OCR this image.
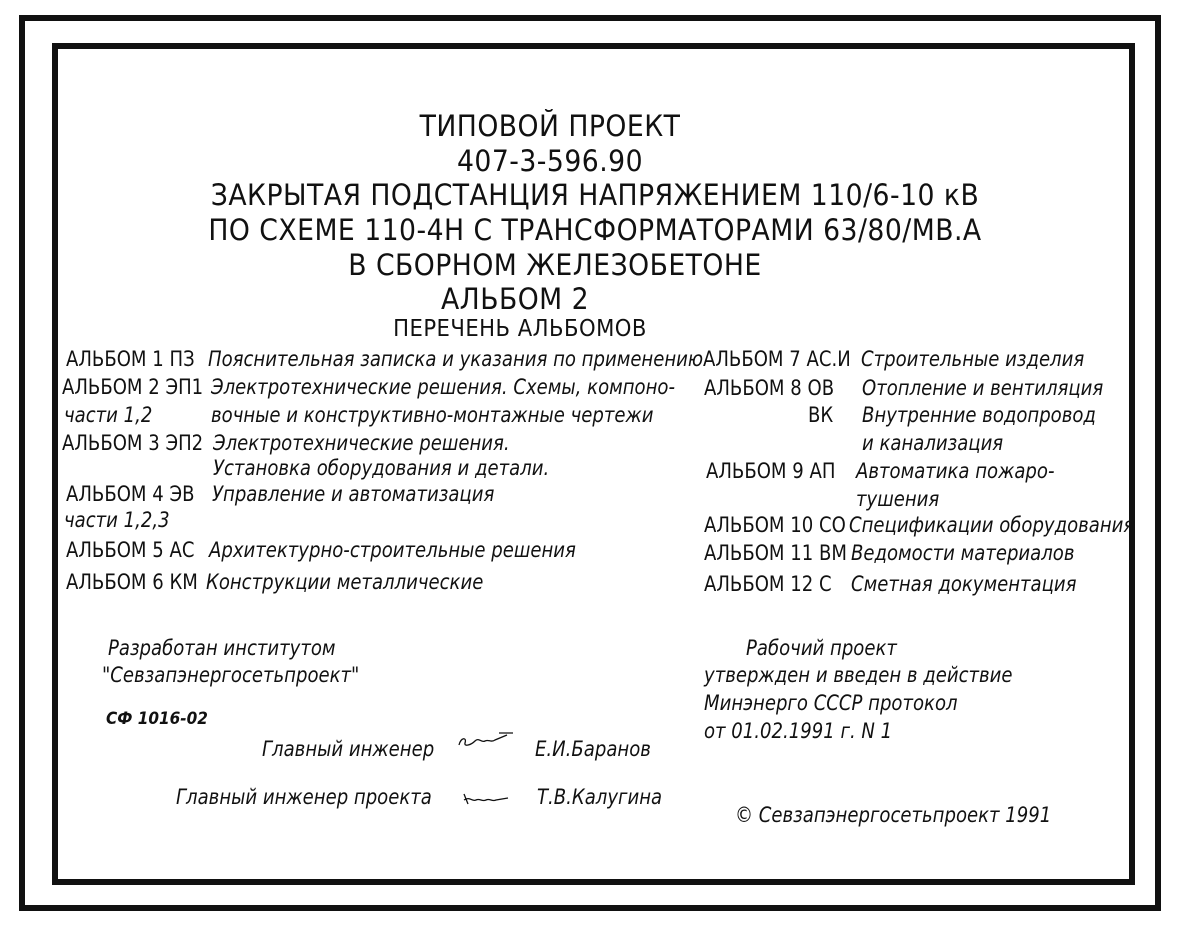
ТИПОВОЙ ПРОЕКТ
407-3-596.90
ЗАКРЫТАЯ ПОДСТАНЦИЯ НАПРЯЖЕНИЕМ 110/6-10 кВ
ПО СХЕМЕ 110-4Н С ТРАНСФОРМАТОРАМИ 63/80/МВ.А
В СБОРНОМ ЖЕЛЕЗОБЕТОНЕ
АЛЬБОМ 2
ПЕРЕЧЕНЬ АЛЬБОМОВ
АЛЬБОМ 1 ПЗ Пояснительная записка и указания по применению
АЛЬБОМ 2 ЭП1 Электротехнические решения. Схемы, компоно-
части 1,2	вочные и конструктивно-монтажные чертежи
АЛЬБОМ 3 ЭП2 Электротехнические решения.
Установка оборудования и детали.
АЛЬБОМ 4 ЭВ Управление и автоматизация
части 1,2,3
АЛЬБОМ 5 АС Архитектурно-строительные решения
АЛЬБОМ 6 КМ Конструкции металлические
АЛЬБОМ 7 АС.И Строительные изделия
АЛЬБОМ 8 ОВ Отопление и вентиляция
ВК Внутренние водопровод
и канализация
АЛЬБОМ 9 АП Автоматика пожаро-
тушения
АЛЬБОМ 10 СО Спецификации оборудования
АЛЬБОМ 11 ВМ Ведомости материалов
АЛЬБОМ 12 С Сметная документация
Разработан институтом
"Севзапэнергосетьпроект"
СФ 1016-02
Рабочий проект
утвержден и введен в действие
Минэнерго СССР протокол
от 01.02.1991 г. N 1
Главный инженер	Е.И.Баранов
Главный инженер проекта	Т.В.Калугина
© Севзапэнергосетьпроект 1991
